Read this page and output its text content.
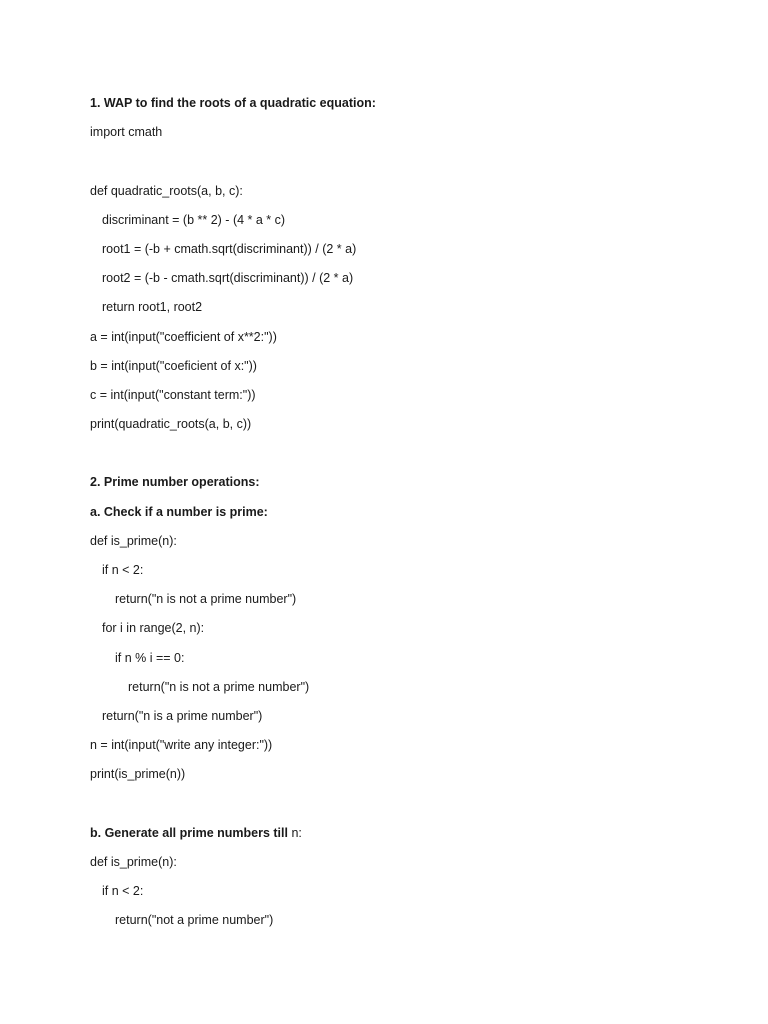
1. WAP to find the roots of a quadratic equation:
import cmath
def quadratic_roots(a, b, c):
discriminant = (b ** 2) - (4 * a * c)
root1 = (-b + cmath.sqrt(discriminant)) / (2 * a)
root2 = (-b - cmath.sqrt(discriminant)) / (2 * a)
return root1, root2
a = int(input("coefficient of x**2:"))
b = int(input("coeficient of x:"))
c = int(input("constant term:"))
print(quadratic_roots(a, b, c))
2. Prime number operations:
a. Check if a number is prime:
def is_prime(n):
if n < 2:
return("n is not a prime number")
for i in range(2, n):
if n % i == 0:
return("n is not a prime number")
return("n is a prime number")
n = int(input("write any integer:"))
print(is_prime(n))
b. Generate all prime numbers till n:
def is_prime(n):
if n < 2:
return("not a prime number")
